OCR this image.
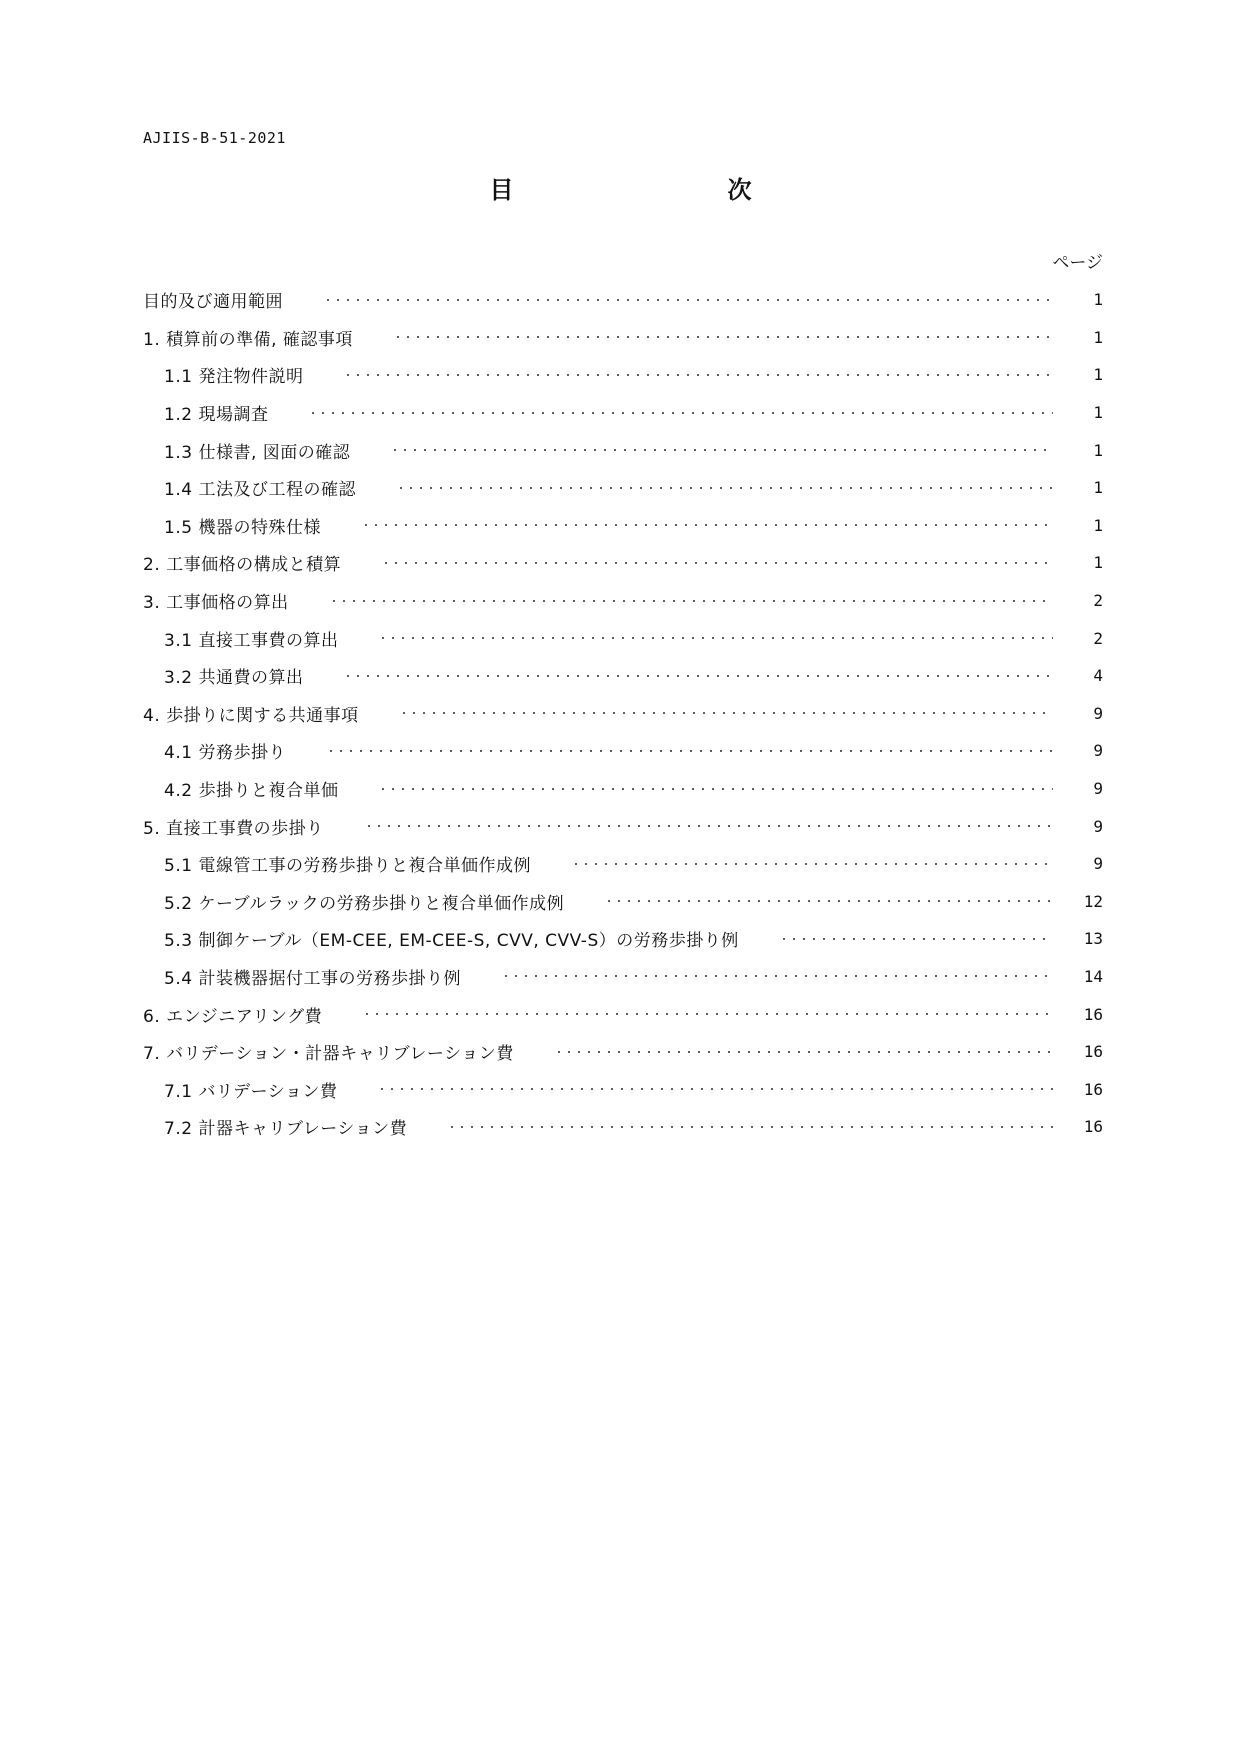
AJIIS-B-51-2021
目　次
ページ
目的及び適用範囲	1
1. 積算前の準備, 確認事項	1
1.1 発注物件説明	1
1.2 現場調査	1
1.3 仕様書, 図面の確認	1
1.4 工法及び工程の確認	1
1.5 機器の特殊仕様	1
2. 工事価格の構成と積算	1
3. 工事価格の算出	2
3.1 直接工事費の算出	2
3.2 共通費の算出	4
4. 歩掛りに関する共通事項	9
4.1 労務歩掛り	9
4.2 歩掛りと複合単価	9
5. 直接工事費の歩掛り	9
5.1 電線管工事の労務歩掛りと複合単価作成例	9
5.2 ケーブルラックの労務歩掛りと複合単価作成例	12
5.3 制御ケーブル（EM-CEE, EM-CEE-S, CVV, CVV-S）の労務歩掛り例	13
5.4 計装機器据付工事の労務歩掛り例	14
6. エンジニアリング費	16
7. バリデーション・計器キャリブレーション費	16
7.1 バリデーション費	16
7.2 計器キャリブレーション費	16
